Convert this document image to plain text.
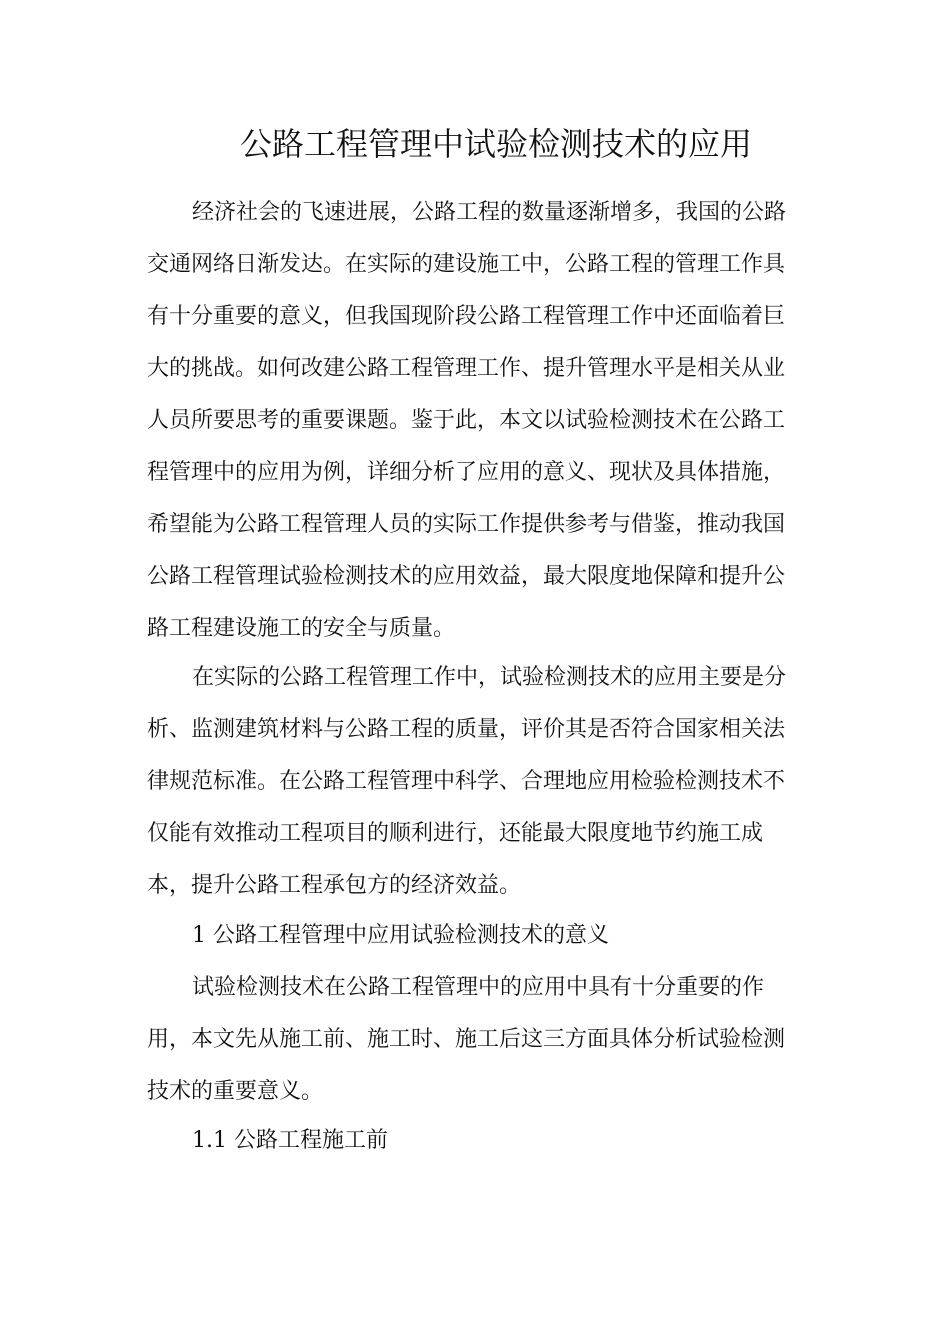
公路工程管理中试验检测技术的应用
经济社会的飞速进展，公路工程的数量逐渐增多，我国的公路
交通网络日渐发达。在实际的建设施工中，公路工程的管理工作具
有十分重要的意义，但我国现阶段公路工程管理工作中还面临着巨
大的挑战。如何改建公路工程管理工作、提升管理水平是相关从业
人员所要思考的重要课题。鉴于此，本文以试验检测技术在公路工
程管理中的应用为例，详细分析了应用的意义、现状及具体措施，
希望能为公路工程管理人员的实际工作提供参考与借鉴，推动我国
公路工程管理试验检测技术的应用效益，最大限度地保障和提升公
路工程建设施工的安全与质量。
在实际的公路工程管理工作中，试验检测技术的应用主要是分
析、监测建筑材料与公路工程的质量，评价其是否符合国家相关法
律规范标准。在公路工程管理中科学、合理地应用检验检测技术不
仅能有效推动工程项目的顺利进行，还能最大限度地节约施工成
本，提升公路工程承包方的经济效益。
1 公路工程管理中应用试验检测技术的意义
试验检测技术在公路工程管理中的应用中具有十分重要的作
用，本文先从施工前、施工时、施工后这三方面具体分析试验检测
技术的重要意义。
1.1 公路工程施工前
